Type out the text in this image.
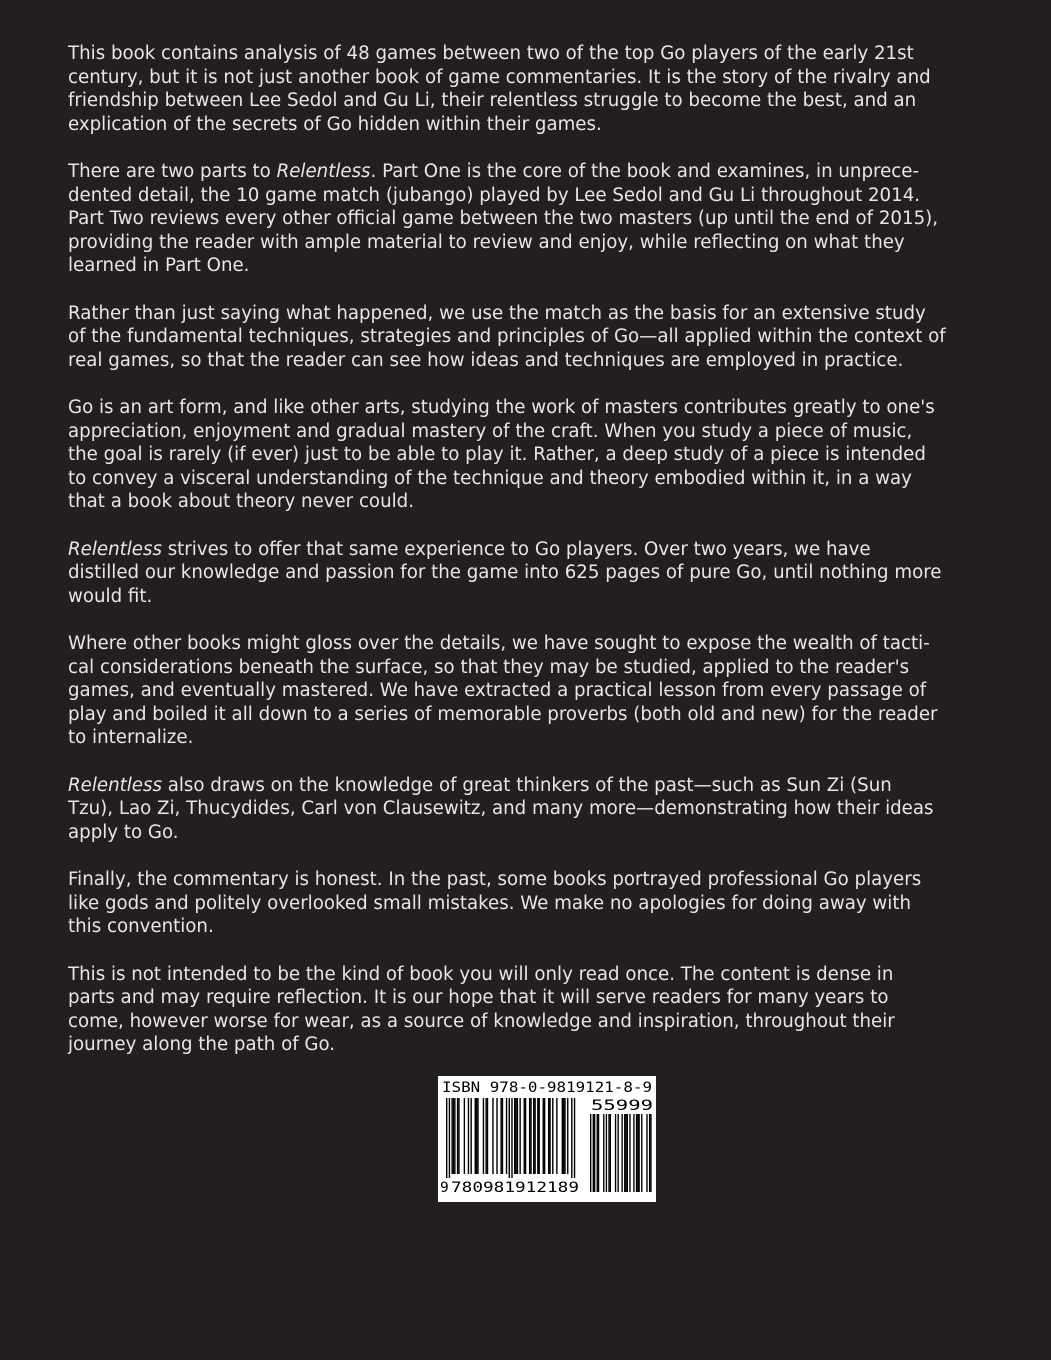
This book contains analysis of 48 games between two of the top Go players of the early 21st
century, but it is not just another book of game commentaries. It is the story of the rivalry and
friendship between Lee Sedol and Gu Li, their relentless struggle to become the best, and an
explication of the secrets of Go hidden within their games.

There are two parts to Relentless. Part One is the core of the book and examines, in unprece-
dented detail, the 10 game match (jubango) played by Lee Sedol and Gu Li throughout 2014.
Part Two reviews every other official game between the two masters (up until the end of 2015),
providing the reader with ample material to review and enjoy, while reflecting on what they
learned in Part One.

Rather than just saying what happened, we use the match as the basis for an extensive study
of the fundamental techniques, strategies and principles of Go—all applied within the context of
real games, so that the reader can see how ideas and techniques are employed in practice.

Go is an art form, and like other arts, studying the work of masters contributes greatly to one's
appreciation, enjoyment and gradual mastery of the craft. When you study a piece of music,
the goal is rarely (if ever) just to be able to play it. Rather, a deep study of a piece is intended
to convey a visceral understanding of the technique and theory embodied within it, in a way
that a book about theory never could.

Relentless strives to offer that same experience to Go players. Over two years, we have
distilled our knowledge and passion for the game into 625 pages of pure Go, until nothing more
would fit.

Where other books might gloss over the details, we have sought to expose the wealth of tacti-
cal considerations beneath the surface, so that they may be studied, applied to the reader's
games, and eventually mastered. We have extracted a practical lesson from every passage of
play and boiled it all down to a series of memorable proverbs (both old and new) for the reader
to internalize.

Relentless also draws on the knowledge of great thinkers of the past—such as Sun Zi (Sun
Tzu), Lao Zi, Thucydides, Carl von Clausewitz, and many more—demonstrating how their ideas
apply to Go.

Finally, the commentary is honest. In the past, some books portrayed professional Go players
like gods and politely overlooked small mistakes. We make no apologies for doing away with
this convention.

This is not intended to be the kind of book you will only read once. The content is dense in
parts and may require reflection. It is our hope that it will serve readers for many years to
come, however worse for wear, as a source of knowledge and inspiration, throughout their
journey along the path of Go.

ISBN 978-0-9819121-8-9
9 780981912189
55999
